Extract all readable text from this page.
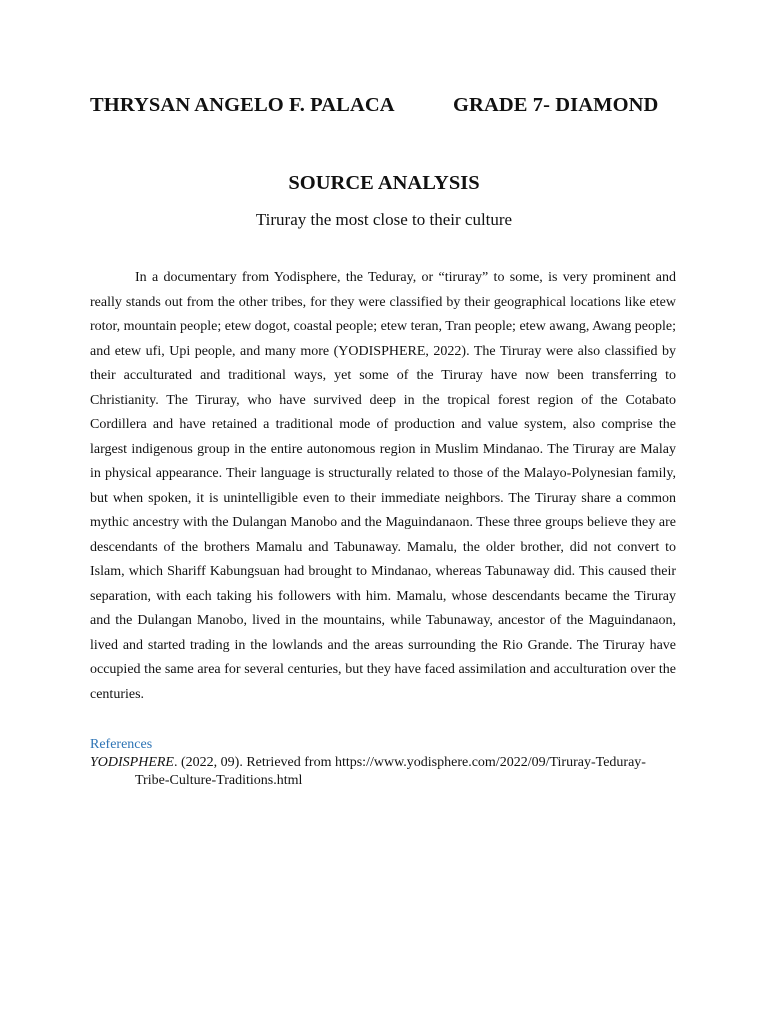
THRYSAN ANGELO F. PALACA	GRADE 7- DIAMOND
SOURCE ANALYSIS
Tiruray the most close to their culture

In a documentary from Yodisphere, the Teduray, or “tiruray” to some, is very prominent and really stands out from the other tribes, for they were classified by their geographical locations like etew rotor, mountain people; etew dogot, coastal people; etew teran, Tran people; etew awang, Awang people; and etew ufi, Upi people, and many more (YODISPHERE, 2022). The Tiruray were also classified by their acculturated and traditional ways, yet some of the Tiruray have now been transferring to Christianity. The Tiruray, who have survived deep in the tropical forest region of the Cotabato Cordillera and have retained a traditional mode of production and value system, also comprise the largest indigenous group in the entire autonomous region in Muslim Mindanao. The Tiruray are Malay in physical appearance. Their language is structurally related to those of the Malayo-Polynesian family, but when spoken, it is unintelligible even to their immediate neighbors. The Tiruray share a common mythic ancestry with the Dulangan Manobo and the Maguindanaon. These three groups believe they are descendants of the brothers Mamalu and Tabunaway. Mamalu, the older brother, did not convert to Islam, which Shariff Kabungsuan had brought to Mindanao, whereas Tabunaway did. This caused their separation, with each taking his followers with him. Mamalu, whose descendants became the Tiruray and the Dulangan Manobo, lived in the mountains, while Tabunaway, ancestor of the Maguindanaon, lived and started trading in the lowlands and the areas surrounding the Rio Grande. The Tiruray have occupied the same area for several centuries, but they have faced assimilation and acculturation over the centuries.

References
YODISPHERE. (2022, 09). Retrieved from https://www.yodisphere.com/2022/09/Tiruray-Teduray-Tribe-Culture-Traditions.html
